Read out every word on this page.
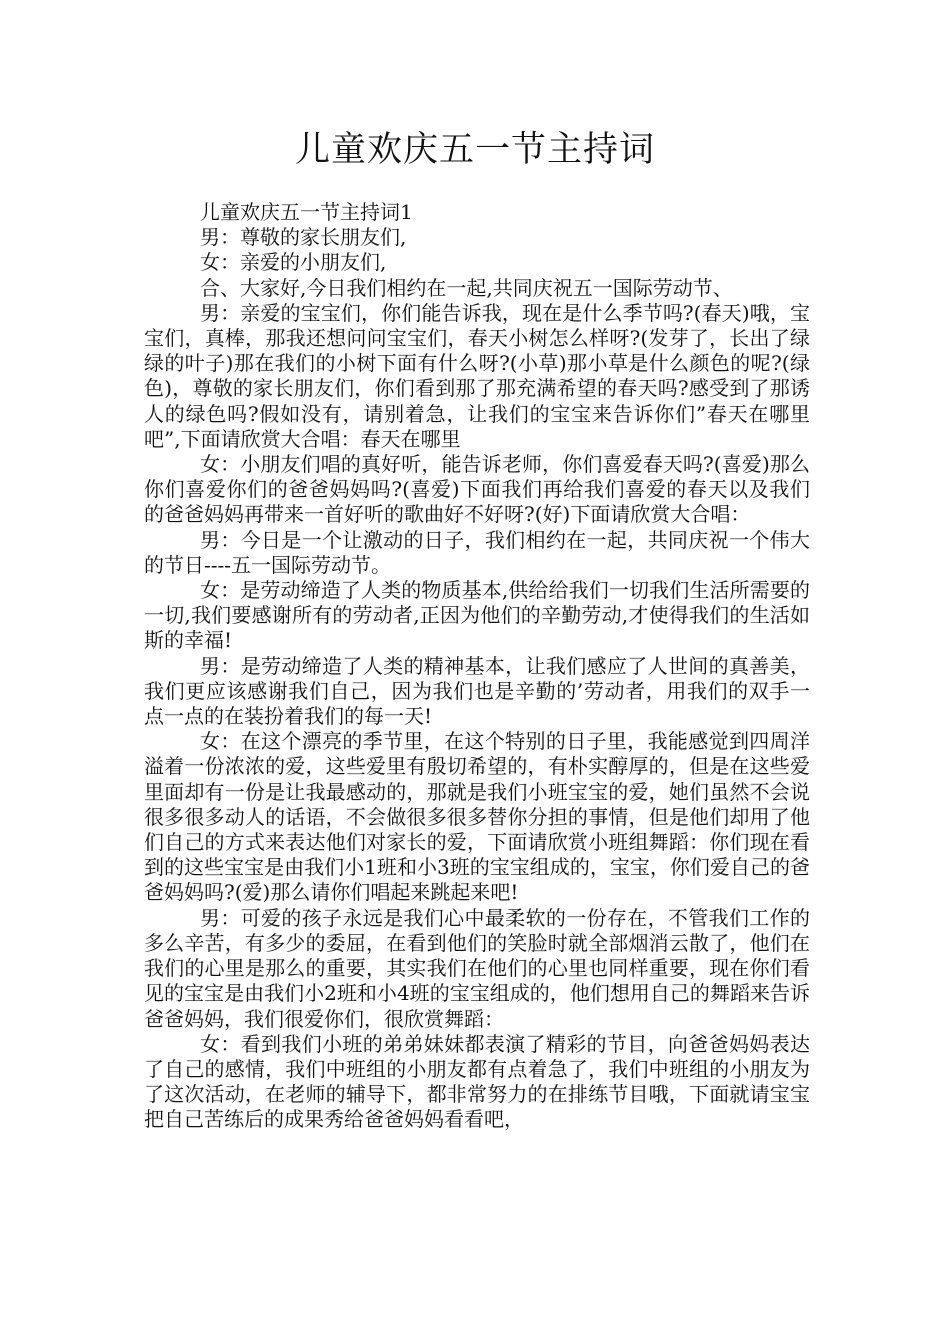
儿童欢庆五一节主持词

儿童欢庆五一节主持词1

男：尊敬的家长朋友们,

女：亲爱的小朋友们,

合、大家好,今日我们相约在一起,共同庆祝五一国际劳动节、

男：亲爱的宝宝们，你们能告诉我，现在是什么季节吗?(春天)哦，宝宝们，真棒，那我还想问问宝宝们，春天小树怎么样呀?(发芽了，长出了绿绿的叶子)那在我们的小树下面有什么呀?(小草)那小草是什么颜色的呢?(绿色)，尊敬的家长朋友们，你们看到那了那充满希望的春天吗?感受到了那诱人的绿色吗?假如没有，请别着急，让我们的宝宝来告诉你们”春天在哪里吧”,下面请欣赏大合唱：春天在哪里

女：小朋友们唱的真好听，能告诉老师，你们喜爱春天吗?(喜爱)那么你们喜爱你们的爸爸妈妈吗?(喜爱)下面我们再给我们喜爱的春天以及我们的爸爸妈妈再带来一首好听的歌曲好不好呀?(好)下面请欣赏大合唱：

男：今日是一个让激动的日子，我们相约在一起，共同庆祝一个伟大的节日----五一国际劳动节。

女：是劳动缔造了人类的物质基本,供给给我们一切我们生活所需要的一切,我们要感谢所有的劳动者,正因为他们的辛勤劳动,才使得我们的生活如斯的幸福!

男：是劳动缔造了人类的精神基本，让我们感应了人世间的真善美，我们更应该感谢我们自己，因为我们也是辛勤的’劳动者，用我们的双手一点一点的在装扮着我们的每一天!

女：在这个漂亮的季节里，在这个特别的日子里，我能感觉到四周洋溢着一份浓浓的爱，这些爱里有殷切希望的，有朴实醇厚的，但是在这些爱里面却有一份是让我最感动的，那就是我们小班宝宝的爱，她们虽然不会说很多很多动人的话语，不会做很多很多替你分担的事情，但是他们却用了他们自己的方式来表达他们对家长的爱，下面请欣赏小班组舞蹈：你们现在看到的这些宝宝是由我们小1班和小3班的宝宝组成的，宝宝，你们爱自己的爸爸妈妈吗?(爱)那么请你们唱起来跳起来吧!

男：可爱的孩子永远是我们心中最柔软的一份存在，不管我们工作的多么辛苦，有多少的委屈，在看到他们的笑脸时就全部烟消云散了，他们在我们的心里是那么的重要，其实我们在他们的心里也同样重要，现在你们看见的宝宝是由我们小2班和小4班的宝宝组成的，他们想用自己的舞蹈来告诉爸爸妈妈，我们很爱你们，很欣赏舞蹈：

女：看到我们小班的弟弟妹妹都表演了精彩的节目，向爸爸妈妈表达了自己的感情，我们中班组的小朋友都有点着急了，我们中班组的小朋友为了这次活动，在老师的辅导下，都非常努力的在排练节目哦，下面就请宝宝把自己苦练后的成果秀给爸爸妈妈看看吧，
